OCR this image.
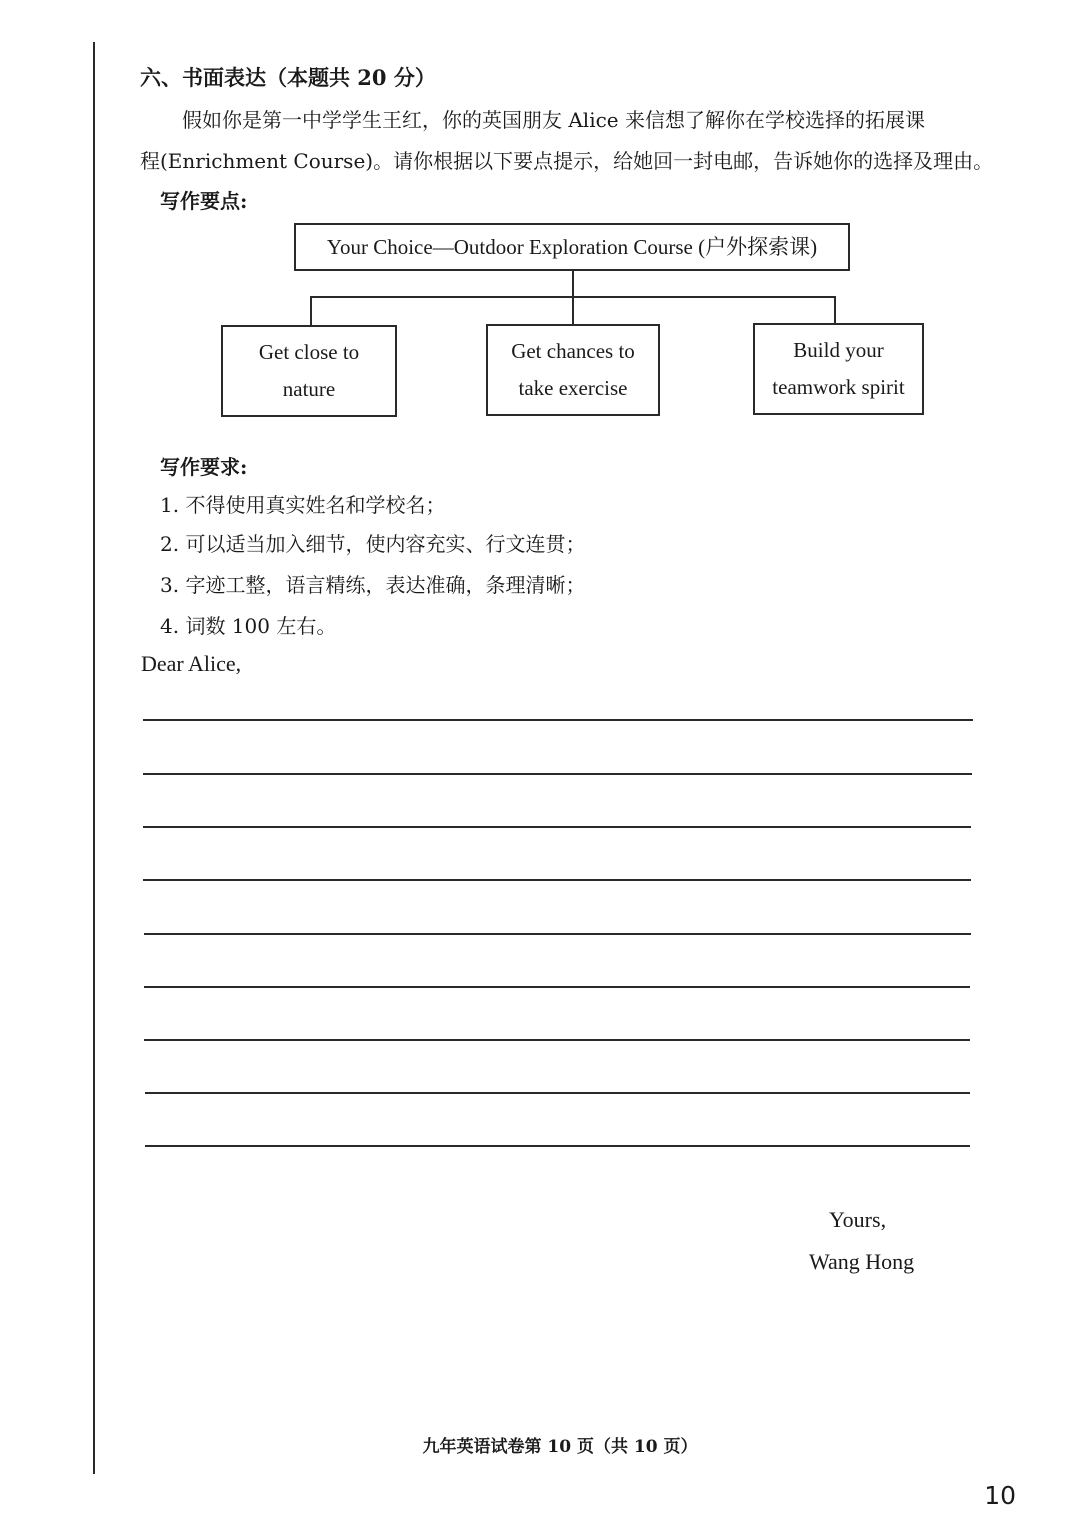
六、书面表达（本题共 20 分）
假如你是第一中学学生王红，你的英国朋友 Alice 来信想了解你在学校选择的拓展课
程(Enrichment Course)。请你根据以下要点提示，给她回一封电邮，告诉她你的选择及理由。
写作要点:
Your Choice—Outdoor Exploration Course (户外探索课)
Get close to nature
Get chances to take exercise
Build your teamwork spirit
写作要求:
1. 不得使用真实姓名和学校名；
2. 可以适当加入细节，使内容充实、行文连贯；
3. 字迹工整，语言精练，表达准确，条理清晰；
4. 词数 100 左右。
Dear Alice,
Yours,
Wang Hong
九年英语试卷第 10 页（共 10 页）
10
